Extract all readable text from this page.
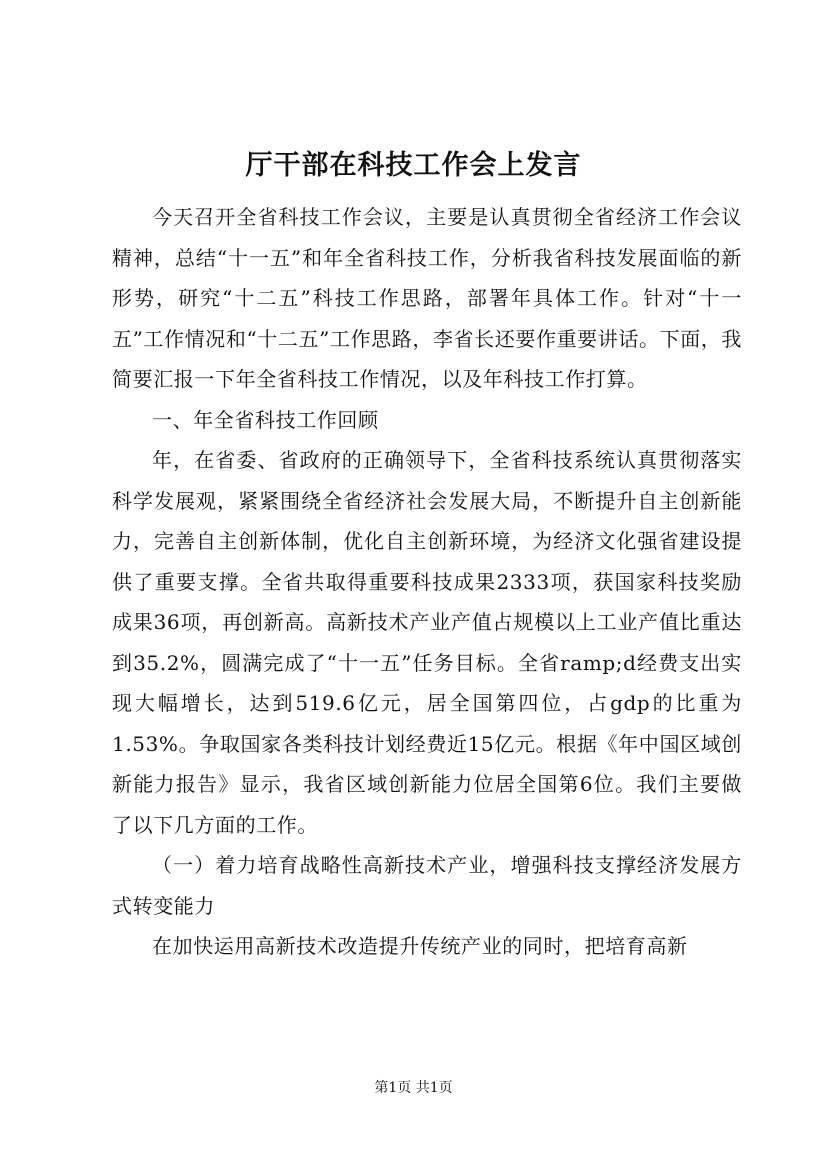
厅干部在科技工作会上发言

今天召开全省科技工作会议，主要是认真贯彻全省经济工作会议精神，总结“十一五”和年全省科技工作，分析我省科技发展面临的新形势，研究“十二五”科技工作思路，部署年具体工作。针对“十一五”工作情况和“十二五”工作思路，李省长还要作重要讲话。下面，我简要汇报一下年全省科技工作情况，以及年科技工作打算。

一、年全省科技工作回顾

年，在省委、省政府的正确领导下，全省科技系统认真贯彻落实科学发展观，紧紧围绕全省经济社会发展大局，不断提升自主创新能力，完善自主创新体制，优化自主创新环境，为经济文化强省建设提供了重要支撑。全省共取得重要科技成果2333项，获国家科技奖励成果36项，再创新高。高新技术产业产值占规模以上工业产值比重达到35.2%，圆满完成了“十一五”任务目标。全省ramp;d经费支出实现大幅增长，达到519.6亿元，居全国第四位，占gdp的比重为1.53%。争取国家各类科技计划经费近15亿元。根据《年中国区域创新能力报告》显示，我省区域创新能力位居全国第6位。我们主要做了以下几方面的工作。

（一）着力培育战略性高新技术产业，增强科技支撑经济发展方式转变能力

在加快运用高新技术改造提升传统产业的同时，把培育高新

第1页 共1页
